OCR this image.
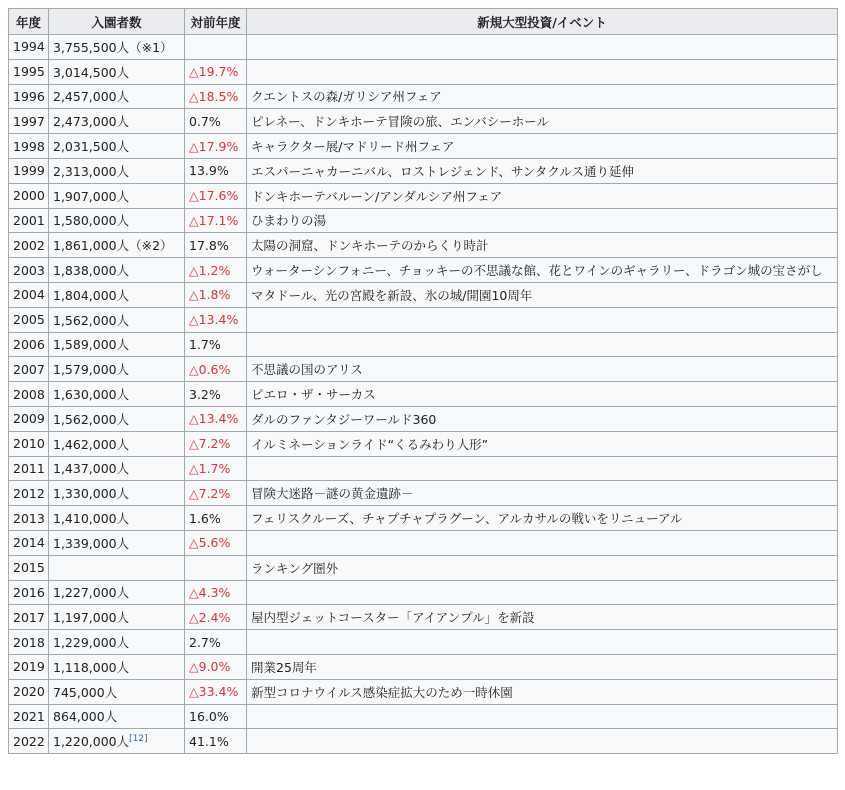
年度	入園者数	対前年度	新規大型投資/イベント
1994	3,755,500人（※1）		
1995	3,014,500人	△19.7%	
1996	2,457,000人	△18.5%	クエントスの森/ガリシア州フェア
1997	2,473,000人	0.7%	ピレネー、ドンキホーテ冒険の旅、エンバシーホール
1998	2,031,500人	△17.9%	キャラクター展/マドリード州フェア
1999	2,313,000人	13.9%	エスパーニャカーニバル、ロストレジェンド、サンタクルス通り延伸
2000	1,907,000人	△17.6%	ドンキホーテバルーン/アンダルシア州フェア
2001	1,580,000人	△17.1%	ひまわりの湯
2002	1,861,000人（※2）	17.8%	太陽の洞窟、ドンキホーテのからくり時計
2003	1,838,000人	△1.2%	ウォーターシンフォニー、チョッキーの不思議な館、花とワインのギャラリー、ドラゴン城の宝さがし
2004	1,804,000人	△1.8%	マタドール、光の宮殿を新設、氷の城/開園10周年
2005	1,562,000人	△13.4%	
2006	1,589,000人	1.7%	
2007	1,579,000人	△0.6%	不思議の国のアリス
2008	1,630,000人	3.2%	ピエロ・ザ・サーカス
2009	1,562,000人	△13.4%	ダルのファンタジーワールド360
2010	1,462,000人	△7.2%	イルミネーションライド“くるみわり人形”
2011	1,437,000人	△1.7%	
2012	1,330,000人	△7.2%	冒険大迷路－謎の黄金遺跡－
2013	1,410,000人	1.6%	フェリスクルーズ、チャプチャプラグーン、アルカサルの戦いをリニューアル
2014	1,339,000人	△5.6%	
2015			ランキング圏外
2016	1,227,000人	△4.3%	
2017	1,197,000人	△2.4%	屋内型ジェットコースター「アイアンプル」を新設
2018	1,229,000人	2.7%	
2019	1,118,000人	△9.0%	開業25周年
2020	745,000人	△33.4%	新型コロナウイルス感染症拡大のため一時休園
2021	864,000人	16.0%	
2022	1,220,000人[12]	41.1%	
